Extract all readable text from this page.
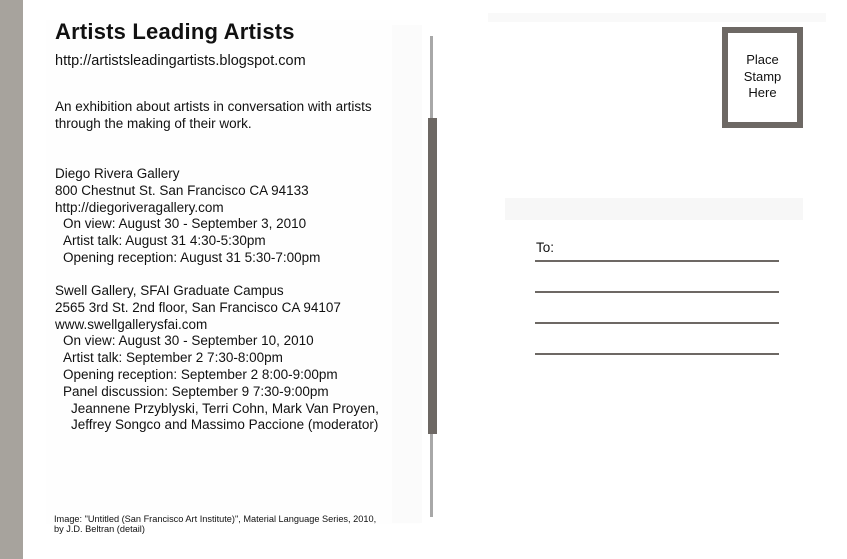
Artists Leading Artists
http://artistsleadingartists.blogspot.com
An exhibition about artists in conversation with artists through the making of their work.
Diego Rivera Gallery
800 Chestnut St. San Francisco CA 94133
http://diegoriveragallery.com
On view: August 30 - September 3, 2010
Artist talk: August 31 4:30-5:30pm
Opening reception: August 31 5:30-7:00pm
Swell Gallery, SFAI Graduate Campus
2565 3rd St. 2nd floor, San Francisco CA 94107
www.swellgallerysfai.com
On view: August 30 - September 10, 2010
Artist talk: September 2 7:30-8:00pm
Opening reception: September 2 8:00-9:00pm
Panel discussion: September 9 7:30-9:00pm
Jeannene Przyblyski, Terri Cohn, Mark Van Proyen,
Jeffrey Songco and Massimo Paccione (moderator)
Image: "Untitled (San Francisco Art Institute)", Material Language Series, 2010, by J.D. Beltran (detail)
Place
Stamp
Here
To:
